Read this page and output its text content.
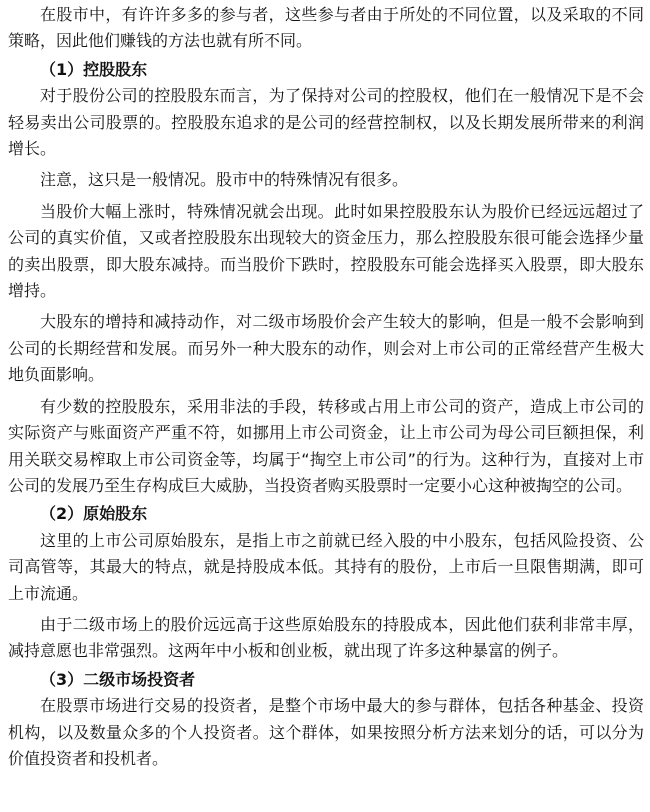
在股市中，有许许多多的参与者，这些参与者由于所处的不同位置，以及采取的不同策略，因此他们赚钱的方法也就有所不同。

（1）控股股东

对于股份公司的控股股东而言，为了保持对公司的控股权，他们在一般情况下是不会轻易卖出公司股票的。控股股东追求的是公司的经营控制权，以及长期发展所带来的利润增长。

注意，这只是一般情况。股市中的特殊情况有很多。

当股价大幅上涨时，特殊情况就会出现。此时如果控股股东认为股价已经远远超过了公司的真实价值，又或者控股股东出现较大的资金压力，那么控股股东很可能会选择少量的卖出股票，即大股东减持。而当股价下跌时，控股股东可能会选择买入股票，即大股东增持。

大股东的增持和减持动作，对二级市场股价会产生较大的影响，但是一般不会影响到公司的长期经营和发展。而另外一种大股东的动作，则会对上市公司的正常经营产生极大地负面影响。

有少数的控股股东，采用非法的手段，转移或占用上市公司的资产，造成上市公司的实际资产与账面资产严重不符，如挪用上市公司资金，让上市公司为母公司巨额担保，利用关联交易榨取上市公司资金等，均属于“掏空上市公司”的行为。这种行为，直接对上市公司的发展乃至生存构成巨大威胁，当投资者购买股票时一定要小心这种被掏空的公司。

（2）原始股东

这里的上市公司原始股东，是指上市之前就已经入股的中小股东，包括风险投资、公司高管等，其最大的特点，就是持股成本低。其持有的股份，上市后一旦限售期满，即可上市流通。

由于二级市场上的股价远远高于这些原始股东的持股成本，因此他们获利非常丰厚，减持意愿也非常强烈。这两年中小板和创业板，就出现了许多这种暴富的例子。

（3）二级市场投资者

在股票市场进行交易的投资者，是整个市场中最大的参与群体，包括各种基金、投资机构，以及数量众多的个人投资者。这个群体，如果按照分析方法来划分的话，可以分为价值投资者和投机者。
